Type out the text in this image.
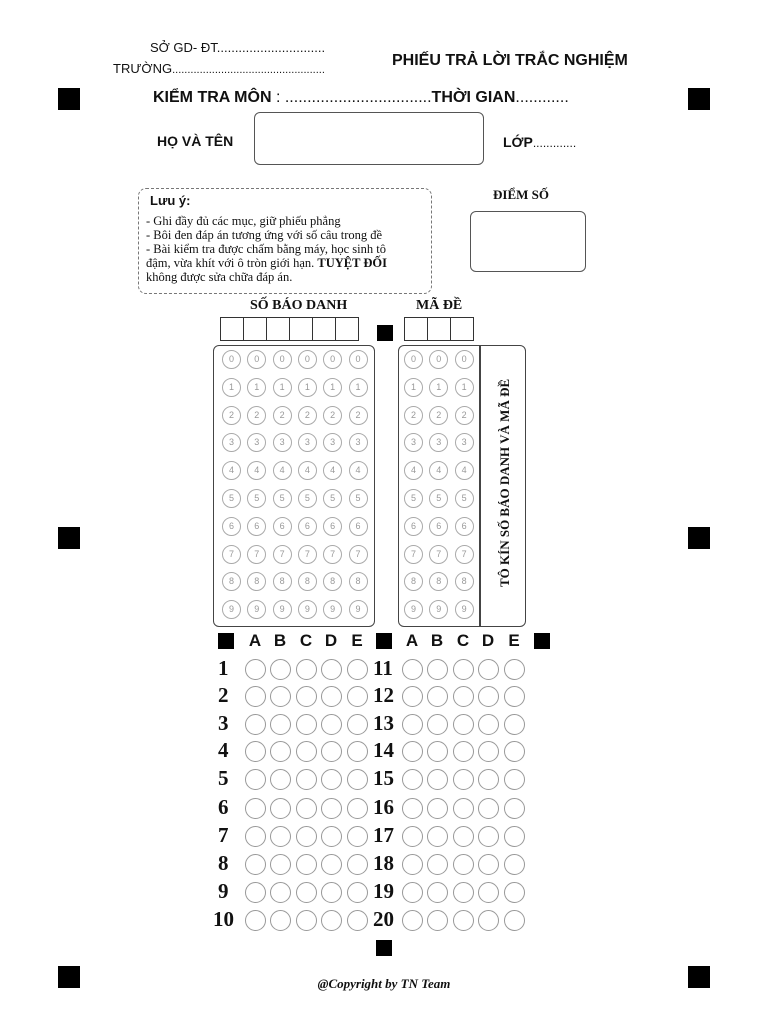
SỞ GD- ĐT..............................
TRƯỜNG..................................................
PHIẾU TRẢ LỜI TRẮC NGHIỆM
KIỂM TRA MÔN : .................................THỜI GIAN............
HỌ VÀ TÊN	LỚP.............
Lưu ý:
- Ghi đầy đủ các mục, giữ phiếu phẳng
- Bôi đen đáp án tương ứng với số câu trong đề
- Bài kiểm tra được chấm bằng máy, học sinh tô
đậm, vừa khít với ô tròn giới hạn. TUYỆT ĐỐI
không được sửa chữa đáp án.
ĐIỂM SỐ
SỐ BÁO DANH	MÃ ĐỀ
TÔ KÍN SỐ BÁO DANH VÀ MÃ ĐỀ
0	0	0	0	0	0
1	1	1	1	1	1
2	2	2	2	2	2
3	3	3	3	3	3
4	4	4	4	4	4
5	5	5	5	5	5
6	6	6	6	6	6
7	7	7	7	7	7
8	8	8	8	8	8
9	9	9	9	9	9
0	0	0
1	1	1
2	2	2
3	3	3
4	4	4
5	5	5
6	6	6
7	7	7
8	8	8
9	9	9
A B C D E	A B C D E
1	11
2	12
3	13
4	14
5	15
6	16
7	17
8	18
9	19
10	20
@Copyright by TN Team
